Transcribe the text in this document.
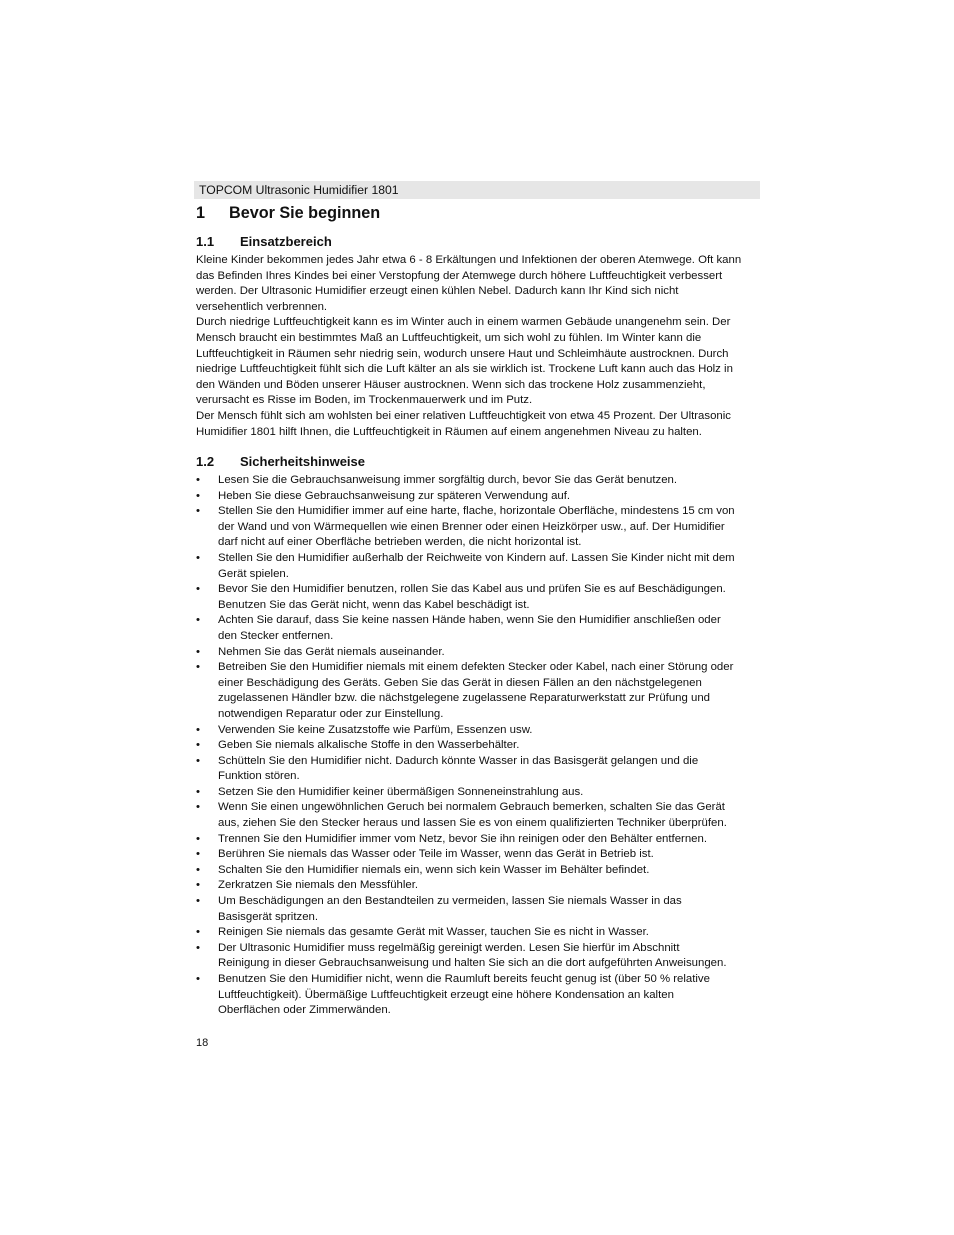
TOPCOM Ultrasonic Humidifier 1801
1 Bevor Sie beginnen
1.1 Einsatzbereich
Kleine Kinder bekommen jedes Jahr etwa 6 - 8 Erkältungen und Infektionen der oberen Atemwege. Oft kann
das Befinden Ihres Kindes bei einer Verstopfung der Atemwege durch höhere Luftfeuchtigkeit verbessert
werden. Der Ultrasonic Humidifier erzeugt einen kühlen Nebel. Dadurch kann Ihr Kind sich nicht
versehentlich verbrennen.
Durch niedrige Luftfeuchtigkeit kann es im Winter auch in einem warmen Gebäude unangenehm sein. Der
Mensch braucht ein bestimmtes Maß an Luftfeuchtigkeit, um sich wohl zu fühlen. Im Winter kann die
Luftfeuchtigkeit in Räumen sehr niedrig sein, wodurch unsere Haut und Schleimhäute austrocknen. Durch
niedrige Luftfeuchtigkeit fühlt sich die Luft kälter an als sie wirklich ist. Trockene Luft kann auch das Holz in
den Wänden und Böden unserer Häuser austrocknen. Wenn sich das trockene Holz zusammenzieht,
verursacht es Risse im Boden, im Trockenmauerwerk und im Putz.
Der Mensch fühlt sich am wohlsten bei einer relativen Luftfeuchtigkeit von etwa 45 Prozent. Der Ultrasonic
Humidifier 1801 hilft Ihnen, die Luftfeuchtigkeit in Räumen auf einem angenehmen Niveau zu halten.
1.2 Sicherheitshinweise
• Lesen Sie die Gebrauchsanweisung immer sorgfältig durch, bevor Sie das Gerät benutzen.
• Heben Sie diese Gebrauchsanweisung zur späteren Verwendung auf.
• Stellen Sie den Humidifier immer auf eine harte, flache, horizontale Oberfläche, mindestens 15 cm von
der Wand und von Wärmequellen wie einen Brenner oder einen Heizkörper usw., auf. Der Humidifier
darf nicht auf einer Oberfläche betrieben werden, die nicht horizontal ist.
• Stellen Sie den Humidifier außerhalb der Reichweite von Kindern auf. Lassen Sie Kinder nicht mit dem
Gerät spielen.
• Bevor Sie den Humidifier benutzen, rollen Sie das Kabel aus und prüfen Sie es auf Beschädigungen.
Benutzen Sie das Gerät nicht, wenn das Kabel beschädigt ist.
• Achten Sie darauf, dass Sie keine nassen Hände haben, wenn Sie den Humidifier anschließen oder
den Stecker entfernen.
• Nehmen Sie das Gerät niemals auseinander.
• Betreiben Sie den Humidifier niemals mit einem defekten Stecker oder Kabel, nach einer Störung oder
einer Beschädigung des Geräts. Geben Sie das Gerät in diesen Fällen an den nächstgelegenen
zugelassenen Händler bzw. die nächstgelegene zugelassene Reparaturwerkstatt zur Prüfung und
notwendigen Reparatur oder zur Einstellung.
• Verwenden Sie keine Zusatzstoffe wie Parfüm, Essenzen usw.
• Geben Sie niemals alkalische Stoffe in den Wasserbehälter.
• Schütteln Sie den Humidifier nicht. Dadurch könnte Wasser in das Basisgerät gelangen und die
Funktion stören.
• Setzen Sie den Humidifier keiner übermäßigen Sonneneinstrahlung aus.
• Wenn Sie einen ungewöhnlichen Geruch bei normalem Gebrauch bemerken, schalten Sie das Gerät
aus, ziehen Sie den Stecker heraus und lassen Sie es von einem qualifizierten Techniker überprüfen.
• Trennen Sie den Humidifier immer vom Netz, bevor Sie ihn reinigen oder den Behälter entfernen.
• Berühren Sie niemals das Wasser oder Teile im Wasser, wenn das Gerät in Betrieb ist.
• Schalten Sie den Humidifier niemals ein, wenn sich kein Wasser im Behälter befindet.
• Zerkratzen Sie niemals den Messfühler.
• Um Beschädigungen an den Bestandteilen zu vermeiden, lassen Sie niemals Wasser in das
Basisgerät spritzen.
• Reinigen Sie niemals das gesamte Gerät mit Wasser, tauchen Sie es nicht in Wasser.
• Der Ultrasonic Humidifier muss regelmäßig gereinigt werden. Lesen Sie hierfür im Abschnitt
Reinigung in dieser Gebrauchsanweisung und halten Sie sich an die dort aufgeführten Anweisungen.
• Benutzen Sie den Humidifier nicht, wenn die Raumluft bereits feucht genug ist (über 50 % relative
Luftfeuchtigkeit). Übermäßige Luftfeuchtigkeit erzeugt eine höhere Kondensation an kalten
Oberflächen oder Zimmerwänden.
18
